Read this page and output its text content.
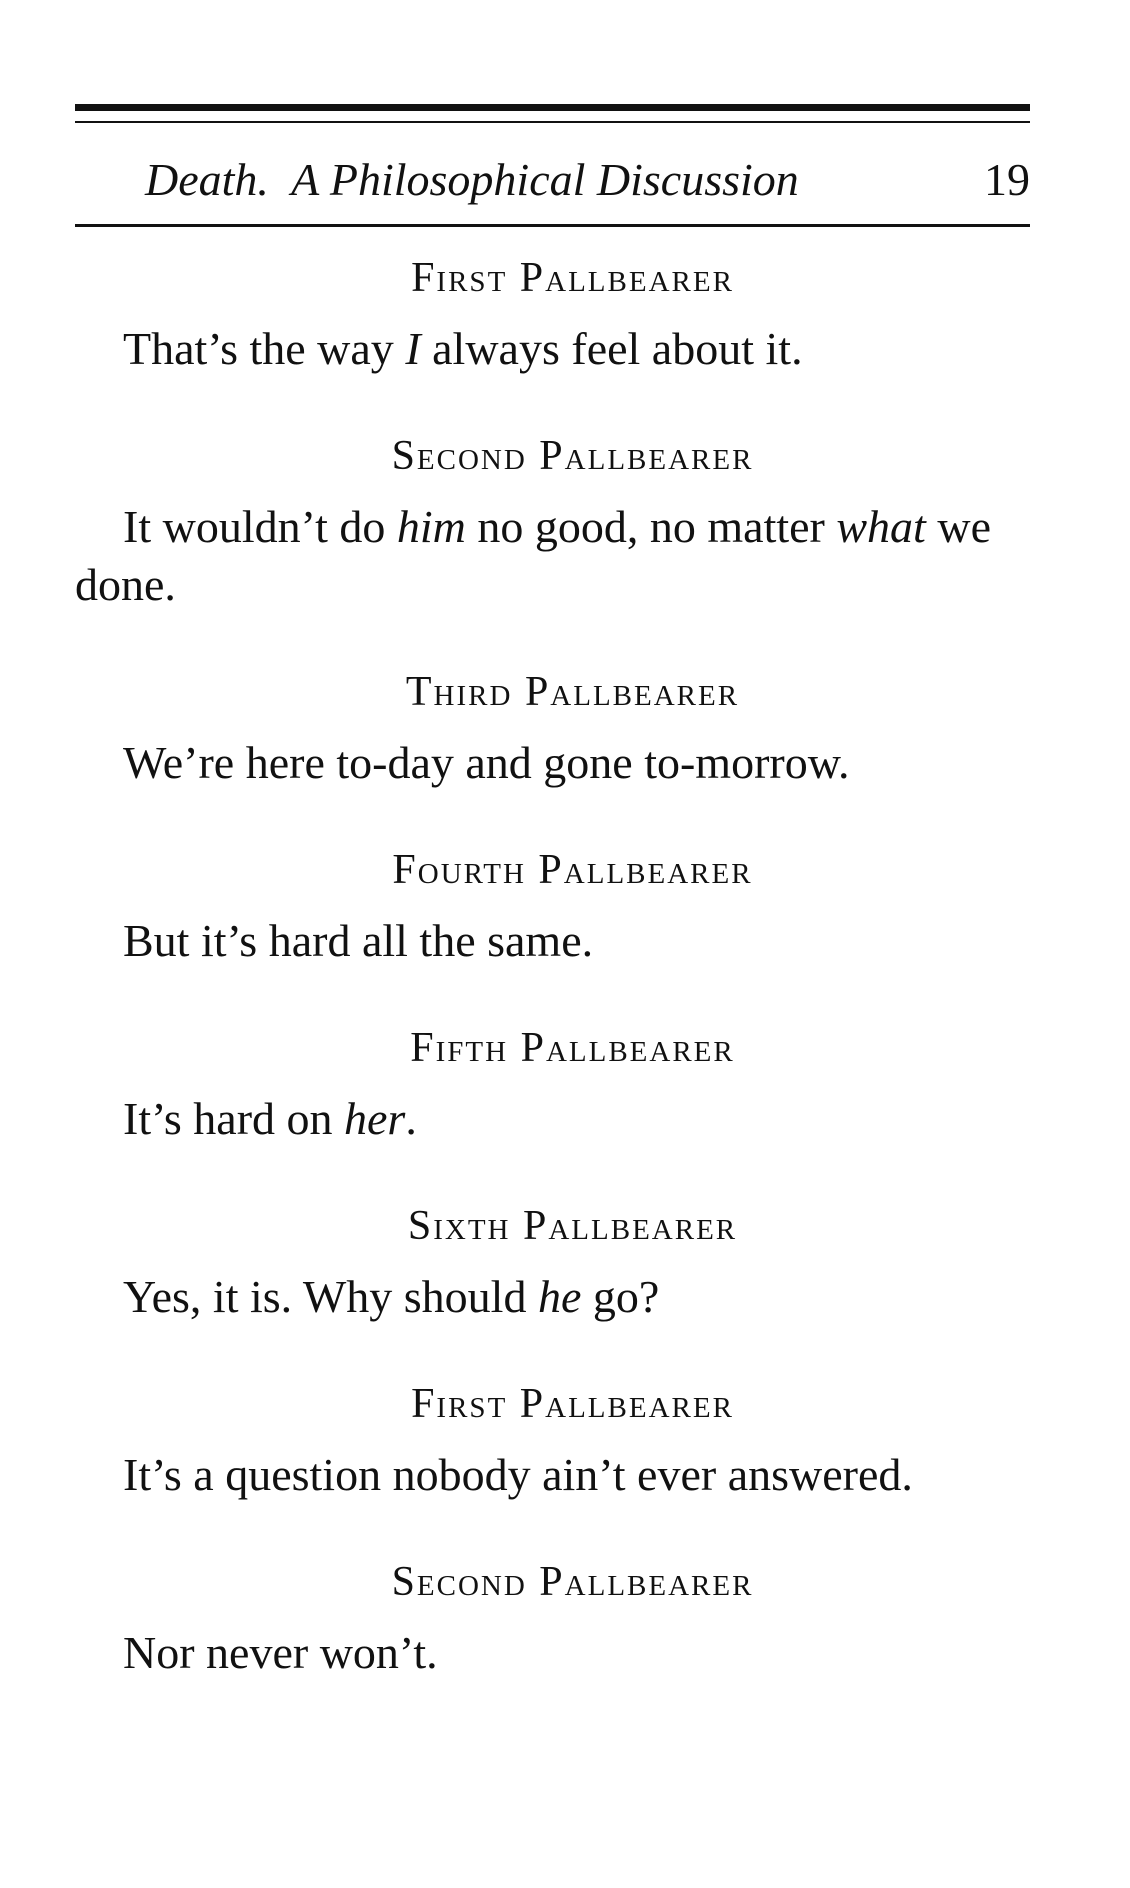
Death.  A Philosophical Discussion	19

First Pallbearer

That’s the way I always feel about it.

Second Pallbearer

It wouldn’t do him no good, no matter what we done.

Third Pallbearer

We’re here to-day and gone to-morrow.

Fourth Pallbearer

But it’s hard all the same.

Fifth Pallbearer

It’s hard on her.

Sixth Pallbearer

Yes, it is. Why should he go?

First Pallbearer

It’s a question nobody ain’t ever answered.

Second Pallbearer

Nor never won’t.
